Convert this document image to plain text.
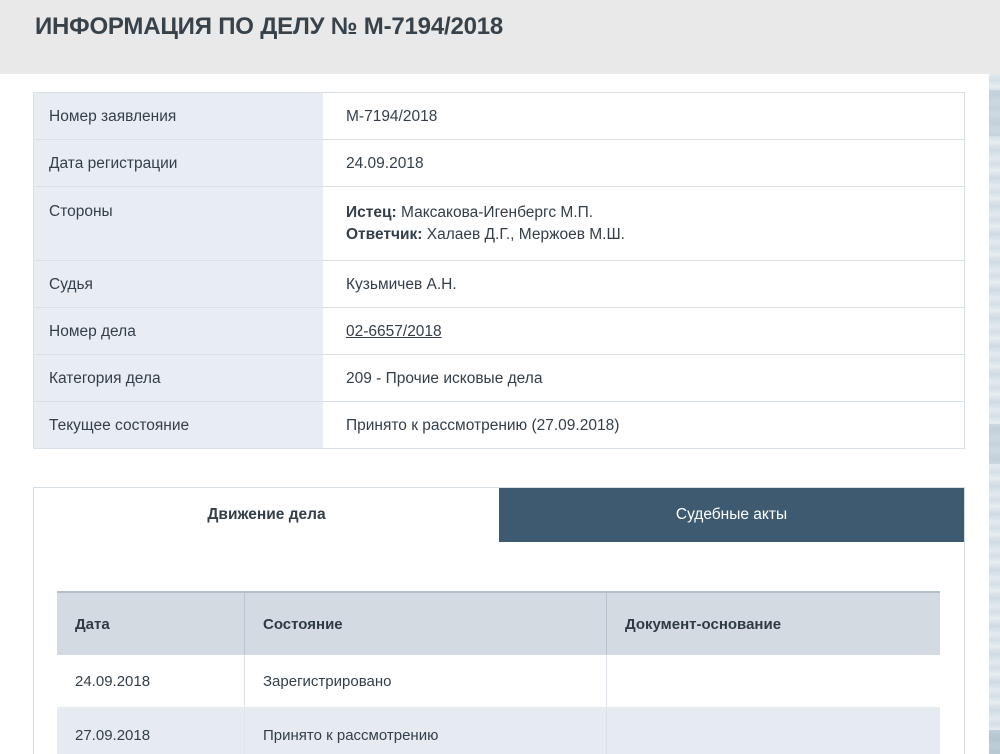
ИНФОРМАЦИЯ ПО ДЕЛУ № М-7194/2018
Номер заявления	М-7194/2018
Дата регистрации	24.09.2018
Стороны	Истец: Максакова-Игенбергс М.П.
Ответчик: Халаев Д.Г., Мержоев М.Ш.
Судья	Кузьмичев А.Н.
Номер дела	02-6657/2018
Категория дела	209 - Прочие исковые дела
Текущее состояние	Принято к рассмотрению (27.09.2018)
Движение дела	Судебные акты
Дата	Состояние	Документ-основание
24.09.2018	Зарегистрировано
27.09.2018	Принято к рассмотрению
